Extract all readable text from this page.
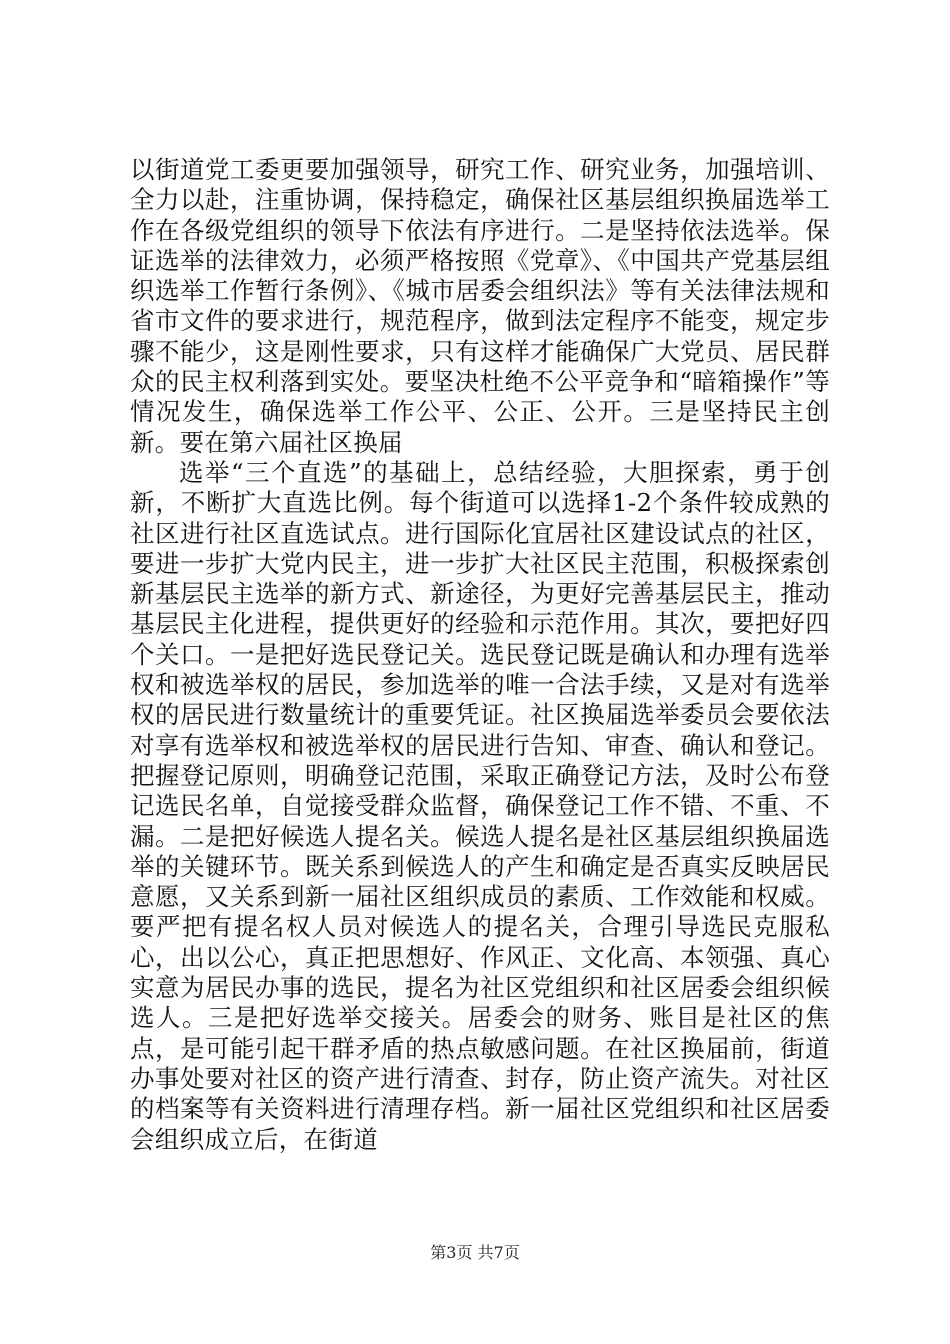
以街道党工委更要加强领导，研究工作、研究业务，加强培训、全力以赴，注重协调，保持稳定，确保社区基层组织换届选举工作在各级党组织的领导下依法有序进行。二是坚持依法选举。保证选举的法律效力，必须严格按照《党章》、《中国共产党基层组织选举工作暂行条例》、《城市居委会组织法》等有关法律法规和省市文件的要求进行，规范程序，做到法定程序不能变，规定步骤不能少，这是刚性要求，只有这样才能确保广大党员、居民群众的民主权利落到实处。要坚决杜绝不公平竞争和“暗箱操作”等情况发生，确保选举工作公平、公正、公开。三是坚持民主创新。要在第六届社区换届

选举“三个直选”的基础上，总结经验，大胆探索，勇于创新，不断扩大直选比例。每个街道可以选择1-2个条件较成熟的社区进行社区直选试点。进行国际化宜居社区建设试点的社区，要进一步扩大党内民主，进一步扩大社区民主范围，积极探索创新基层民主选举的新方式、新途径，为更好完善基层民主，推动基层民主化进程，提供更好的经验和示范作用。其次，要把好四个关口。一是把好选民登记关。选民登记既是确认和办理有选举权和被选举权的居民，参加选举的唯一合法手续，又是对有选举权的居民进行数量统计的重要凭证。社区换届选举委员会要依法对享有选举权和被选举权的居民进行告知、审查、确认和登记。把握登记原则，明确登记范围，采取正确登记方法，及时公布登记选民名单，自觉接受群众监督，确保登记工作不错、不重、不漏。二是把好候选人提名关。候选人提名是社区基层组织换届选举的关键环节。既关系到候选人的产生和确定是否真实反映居民意愿，又关系到新一届社区组织成员的素质、工作效能和权威。要严把有提名权人员对候选人的提名关，合理引导选民克服私心，出以公心，真正把思想好、作风正、文化高、本领强、真心实意为居民办事的选民，提名为社区党组织和社区居委会组织候选人。三是把好选举交接关。居委会的财务、账目是社区的焦点，是可能引起干群矛盾的热点敏感问题。在社区换届前，街道办事处要对社区的资产进行清查、封存，防止资产流失。对社区的档案等有关资料进行清理存档。新一届社区党组织和社区居委会组织成立后，在街道

第3页 共7页
